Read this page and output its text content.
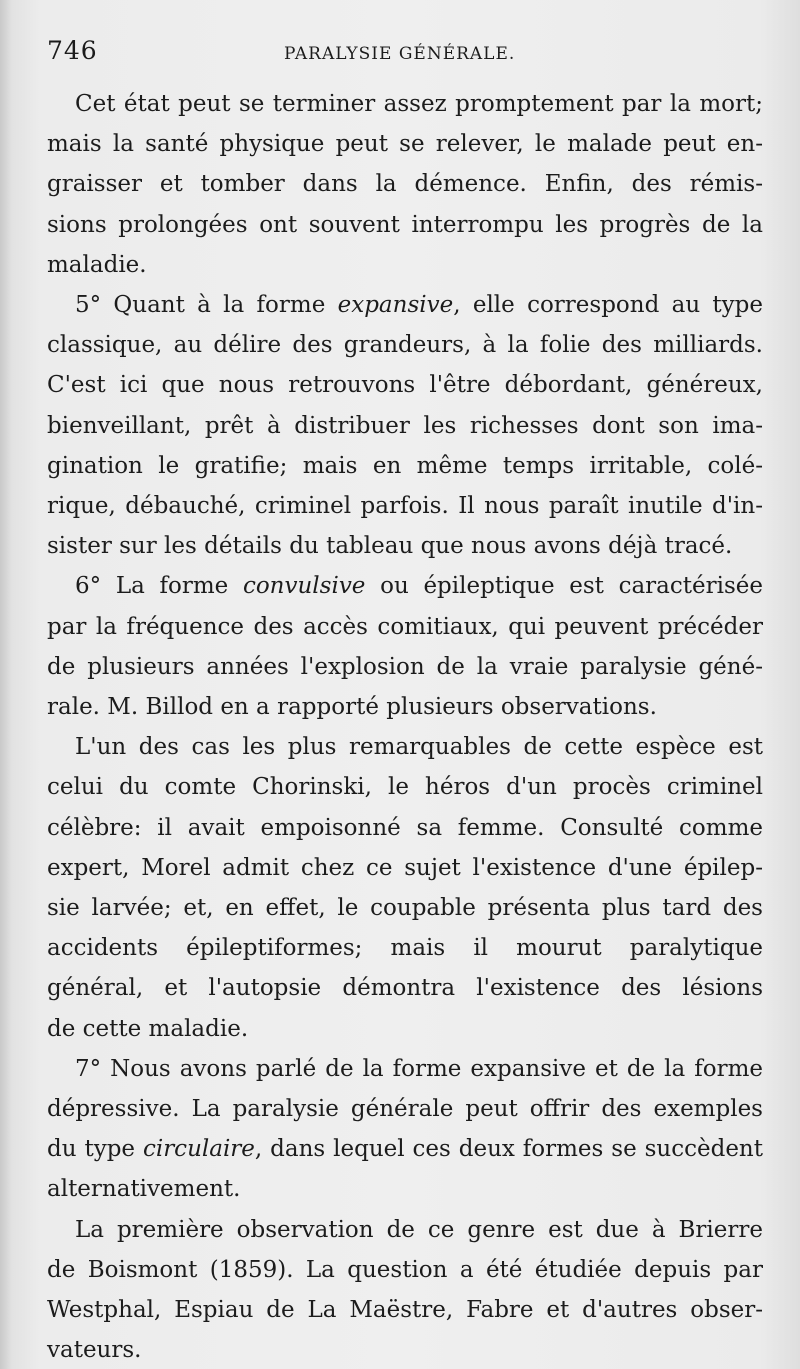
746	PARALYSIE GÉNÉRALE.
Cet état peut se terminer assez promptement par la mort;
mais la santé physique peut se relever, le malade peut en-
graisser et tomber dans la démence. Enfin, des rémis-
sions prolongées ont souvent interrompu les progrès de la
maladie.
5° Quant à la forme expansive, elle correspond au type
classique, au délire des grandeurs, à la folie des milliards.
C'est ici que nous retrouvons l'être débordant, généreux,
bienveillant, prêt à distribuer les richesses dont son ima-
gination le gratifie; mais en même temps irritable, colé-
rique, débauché, criminel parfois. Il nous paraît inutile d'in-
sister sur les détails du tableau que nous avons déjà tracé.
6° La forme convulsive ou épileptique est caractérisée
par la fréquence des accès comitiaux, qui peuvent précéder
de plusieurs années l'explosion de la vraie paralysie géné-
rale. M. Billod en a rapporté plusieurs observations.
L'un des cas les plus remarquables de cette espèce est
celui du comte Chorinski, le héros d'un procès criminel
célèbre: il avait empoisonné sa femme. Consulté comme
expert, Morel admit chez ce sujet l'existence d'une épilep-
sie larvée; et, en effet, le coupable présenta plus tard des
accidents épileptiformes; mais il mourut paralytique
général, et l'autopsie démontra l'existence des lésions
de cette maladie.
7° Nous avons parlé de la forme expansive et de la forme
dépressive. La paralysie générale peut offrir des exemples
du type circulaire, dans lequel ces deux formes se succèdent
alternativement.
La première observation de ce genre est due à Brierre
de Boismont (1859). La question a été étudiée depuis par
Westphal, Espiau de La Maëstre, Fabre et d'autres obser-
vateurs.
